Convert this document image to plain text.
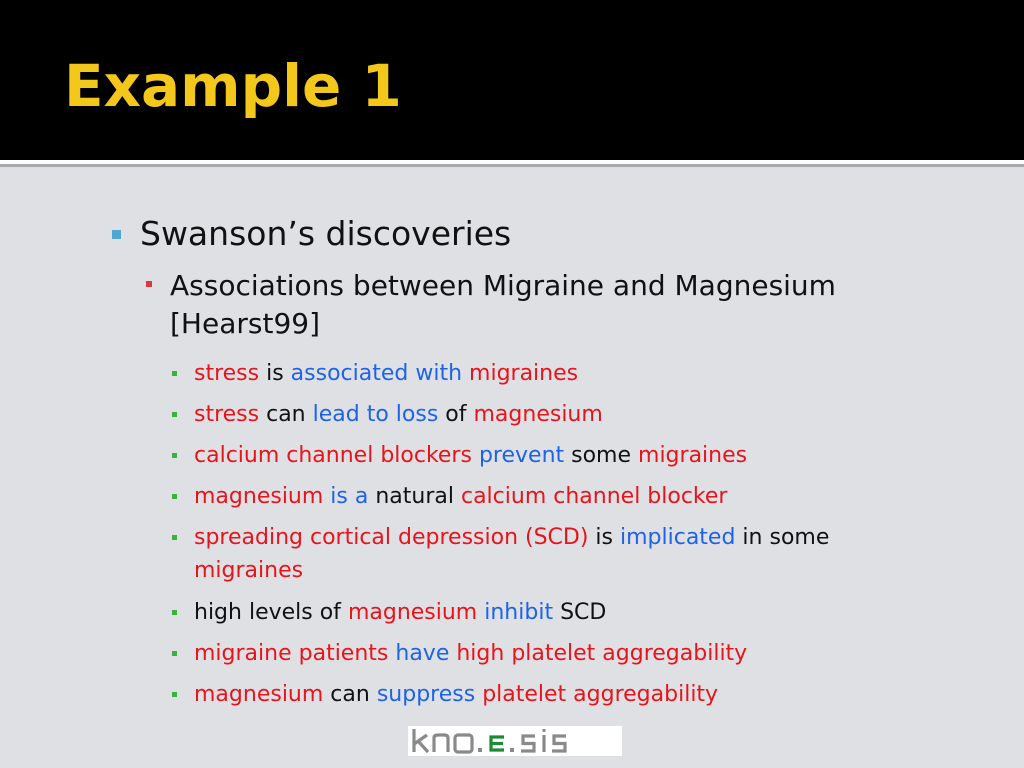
Example 1
Swanson’s discoveries
Associations between Migraine and Magnesium
[Hearst99]
stress is associated with migraines
stress can lead to loss of magnesium
calcium channel blockers prevent some migraines
magnesium is a natural calcium channel blocker
spreading cortical depression (SCD) is implicated in some
migraines
high levels of magnesium inhibit SCD
migraine patients have high platelet aggregability
magnesium can suppress platelet aggregability
